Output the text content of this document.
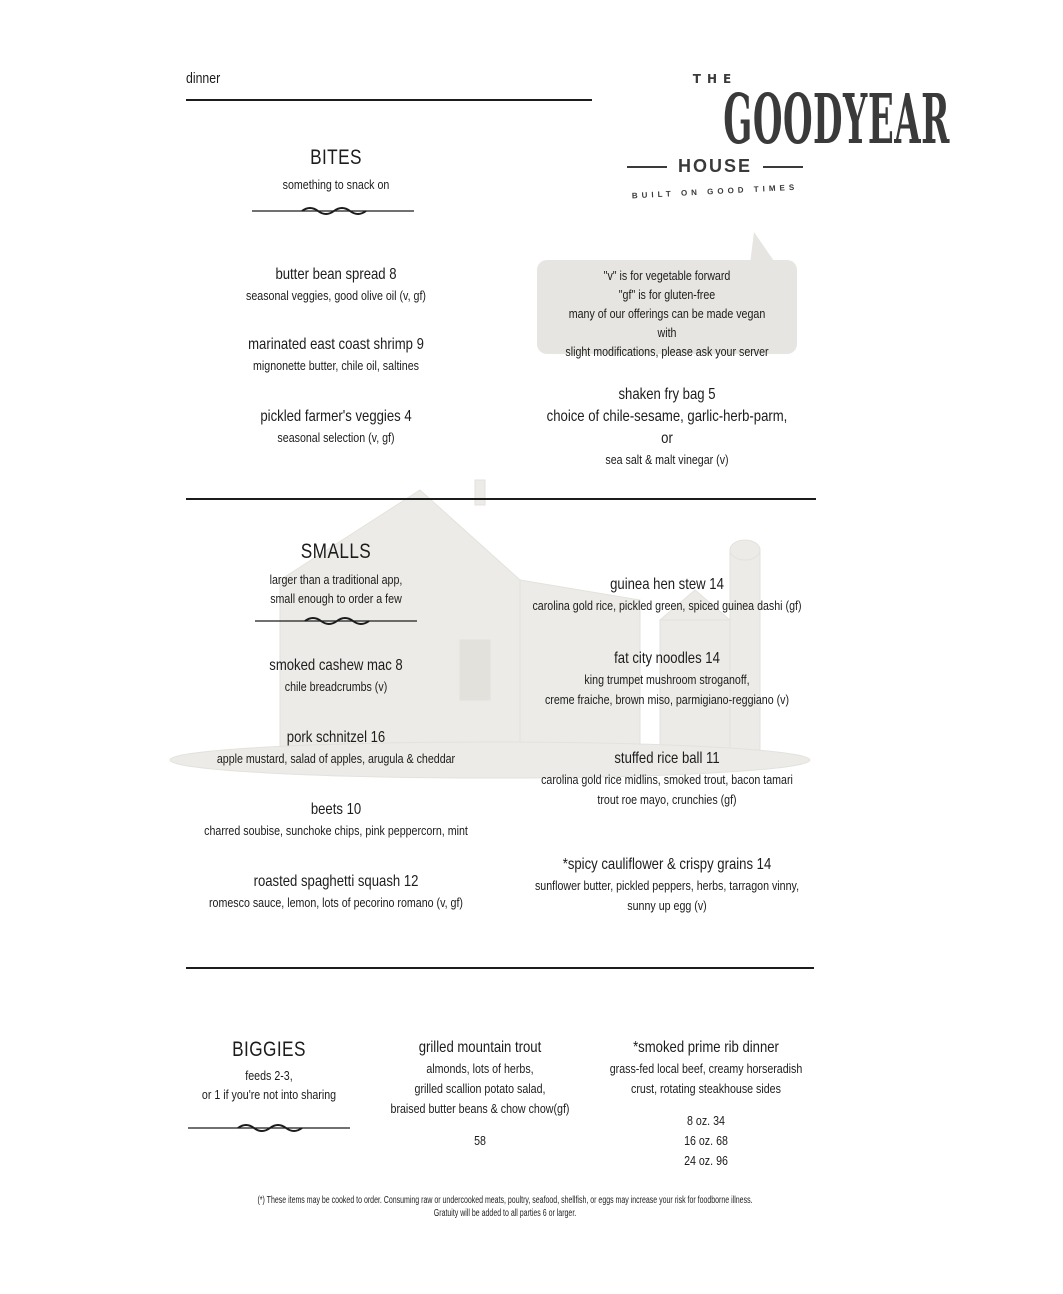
dinner	THE
GOODYEAR
HOUSE
BUILT ON GOOD TIMES
BITES
something to snack on
butter bean spread 8
seasonal veggies, good olive oil (v, gf)
marinated east coast shrimp 9
mignonette butter, chile oil, saltines
pickled farmer's veggies 4
seasonal selection (v, gf)
"v" is for vegetable forward
"gf" is for gluten-free
many of our offerings can be made vegan with
slight modifications, please ask your server
shaken fry bag 5
choice of chile-sesame, garlic-herb-parm, or
sea salt & malt vinegar (v)
SMALLS
larger than a traditional app,
small enough to order a few
smoked cashew mac 8
chile breadcrumbs (v)
pork schnitzel 16
apple mustard, salad of apples, arugula & cheddar
beets 10
charred soubise, sunchoke chips, pink peppercorn, mint
roasted spaghetti squash 12
romesco sauce, lemon, lots of pecorino romano (v, gf)
guinea hen stew 14
carolina gold rice, pickled green, spiced guinea dashi (gf)
fat city noodles 14
king trumpet mushroom stroganoff,
creme fraiche, brown miso, parmigiano-reggiano (v)
stuffed rice ball 11
carolina gold rice midlins, smoked trout, bacon tamari
trout roe mayo, crunchies (gf)
*spicy cauliflower & crispy grains 14
sunflower butter, pickled peppers, herbs, tarragon vinny,
sunny up egg (v)
BIGGIES
feeds 2-3,
or 1 if you're not into sharing
grilled mountain trout
almonds, lots of herbs,
grilled scallion potato salad,
braised butter beans & chow chow(gf)
58
*smoked prime rib dinner
grass-fed local beef, creamy horseradish
crust, rotating steakhouse sides
8 oz. 34
16 oz. 68
24 oz. 96
(*) These items may be cooked to order. Consuming raw or undercooked meats, poultry, seafood, shellfish, or eggs may increase your risk for foodborne illness.
Gratuity will be added to all parties 6 or larger.
